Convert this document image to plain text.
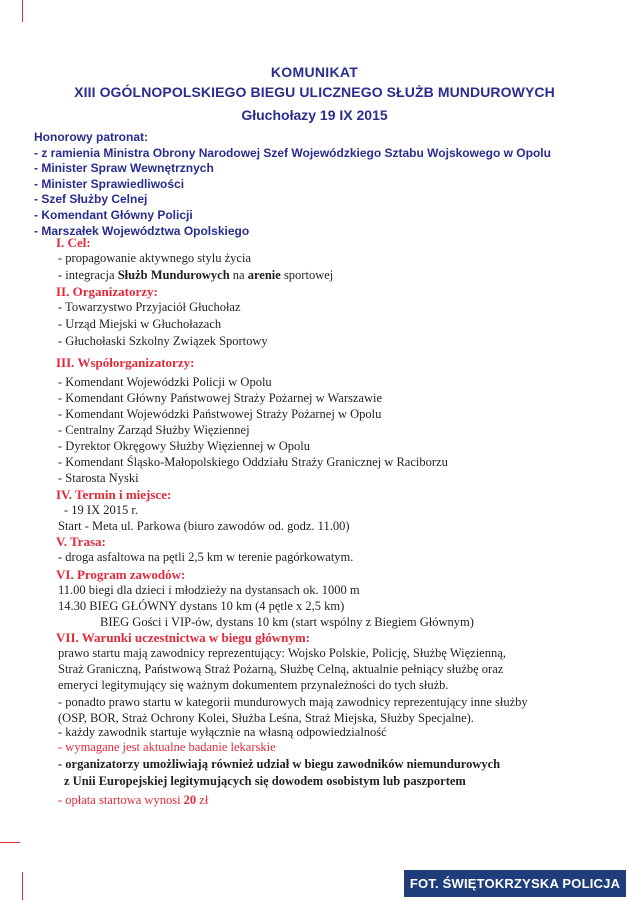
KOMUNIKAT
XIII OGÓLNOPOLSKIEGO BIEGU ULICZNEGO SŁUŻB MUNDUROWYCH
Głuchołazy 19 IX 2015
Honorowy patronat:
- z ramienia Ministra Obrony Narodowej Szef Wojewódzkiego Sztabu Wojskowego w Opolu
- Minister Spraw Wewnętrznych
- Minister Sprawiedliwości
- Szef Służby Celnej
- Komendant Główny Policji
- Marszałek Województwa Opolskiego
I. Cel:
- propagowanie aktywnego stylu życia
- integracja Służb Mundurowych na arenie sportowej
II. Organizatorzy:
- Towarzystwo Przyjaciół Głuchołaz
- Urząd Miejski w Głuchołazach
- Głuchołaski Szkolny Związek Sportowy
III. Współorganizatorzy:
- Komendant Wojewódzki Policji w Opolu
- Komendant Główny Państwowej Straży Pożarnej w Warszawie
- Komendant Wojewódzki Państwowej Straży Pożarnej w Opolu
- Centralny Zarząd Służby Więziennej
- Dyrektor Okręgowy Służby Więziennej w Opolu
- Komendant Śląsko-Małopolskiego Oddziału Straży Granicznej w Raciborzu
- Starosta Nyski
IV. Termin i miejsce:
- 19 IX 2015 r.
Start - Meta ul. Parkowa (biuro zawodów od. godz. 11.00)
V. Trasa:
- droga asfaltowa na pętli 2,5 km w terenie pagórkowatym.
VI. Program zawodów:
11.00 biegi dla dzieci i młodzieży na dystansach ok. 1000 m
14.30 BIEG GŁÓWNY dystans 10 km (4 pętle x 2,5 km)
BIEG Gości i VIP-ów, dystans 10 km (start wspólny z Biegiem Głównym)
VII. Warunki uczestnictwa w biegu głównym:
prawo startu mają zawodnicy reprezentujący: Wojsko Polskie, Policję, Służbę Więzienną,
Straż Graniczną, Państwową Straż Pożarną, Służbę Celną, aktualnie pełniący służbę oraz
emeryci legitymujący się ważnym dokumentem przynależności do tych służb.
- ponadto prawo startu w kategorii mundurowych mają zawodnicy reprezentujący inne służby
(OSP, BOR, Straż Ochrony Kolei, Służba Leśna, Straż Miejska, Służby Specjalne).
- każdy zawodnik startuje wyłącznie na własną odpowiedzialność
- wymagane jest aktualne badanie lekarskie
- organizatorzy umożliwiają również udział w biegu zawodników niemundurowych
z Unii Europejskiej legitymujących się dowodem osobistym lub paszportem
- opłata startowa wynosi 20 zł
FOT. ŚWIĘTOKRZYSKA POLICJA
